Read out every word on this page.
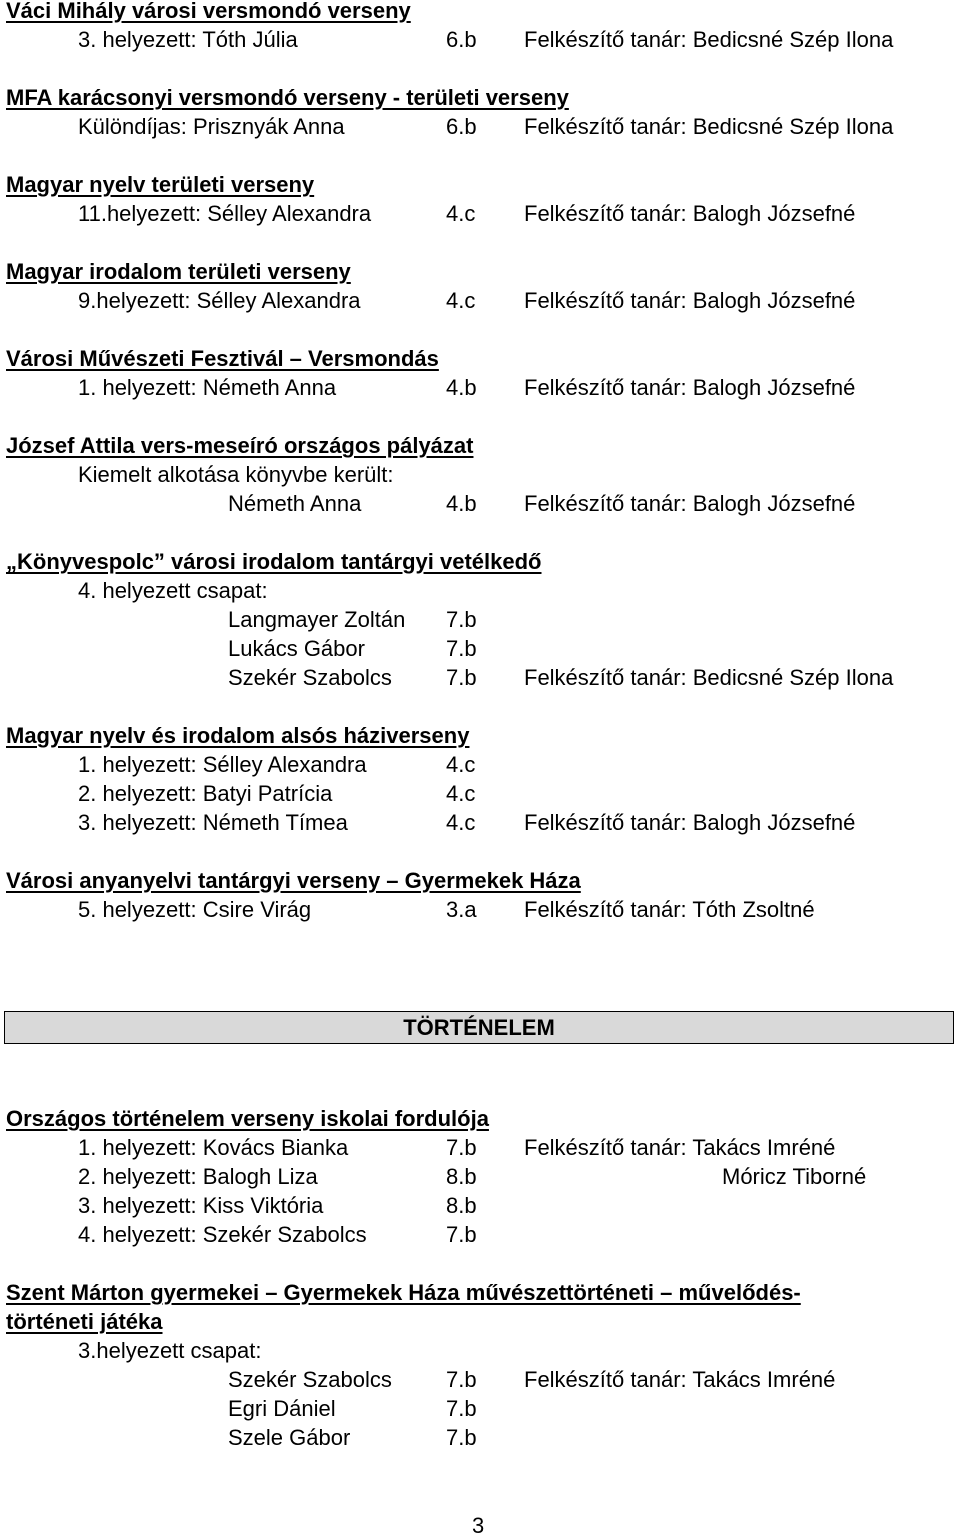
Váci Mihály városi versmondó verseny
3. helyezett: Tóth Júlia	6.b Felkészítő tanár: Bedicsné Szép Ilona
MFA karácsonyi versmondó verseny - területi verseny
Különdíjas: Prisznyák Anna	6.b Felkészítő tanár: Bedicsné Szép Ilona
Magyar nyelv területi verseny
11.helyezett: Sélley Alexandra	4.c Felkészítő tanár: Balogh Józsefné
Magyar irodalom területi verseny
9.helyezett: Sélley Alexandra	4.c Felkészítő tanár: Balogh Józsefné
Városi Művészeti Fesztivál – Versmondás
1. helyezett: Németh Anna	4.b Felkészítő tanár: Balogh Józsefné
József Attila vers-meseíró országos pályázat
Kiemelt alkotása könyvbe került:
Németh Anna	4.b Felkészítő tanár: Balogh Józsefné
„Könyvespolc” városi irodalom tantárgyi vetélkedő
4. helyezett csapat:
Langmayer Zoltán 7.b
Lukács Gábor	7.b
Szekér Szabolcs 7.b Felkészítő tanár: Bedicsné Szép Ilona
Magyar nyelv és irodalom alsós háziverseny
1. helyezett: Sélley Alexandra	4.c
2. helyezett: Batyi Patrícia	4.c
3. helyezett: Németh Tímea	4.c Felkészítő tanár: Balogh Józsefné
Városi anyanyelvi tantárgyi verseny – Gyermekek Háza
5. helyezett: Csire Virág	3.a Felkészítő tanár: Tóth Zsoltné
TÖRTÉNELEM
Országos történelem verseny iskolai fordulója
1. helyezett: Kovács Bianka	7.b Felkészítő tanár: Takács Imréné
2. helyezett: Balogh Liza	8.b	Móricz Tiborné
3. helyezett: Kiss Viktória	8.b
4. helyezett: Szekér Szabolcs	7.b
Szent Márton gyermekei – Gyermekek Háza művészettörténeti – művelődés-
történeti játéka
3.helyezett csapat:
Szekér Szabolcs 7.b Felkészítő tanár: Takács Imréné
Egri Dániel	7.b
Szele Gábor	7.b
3
